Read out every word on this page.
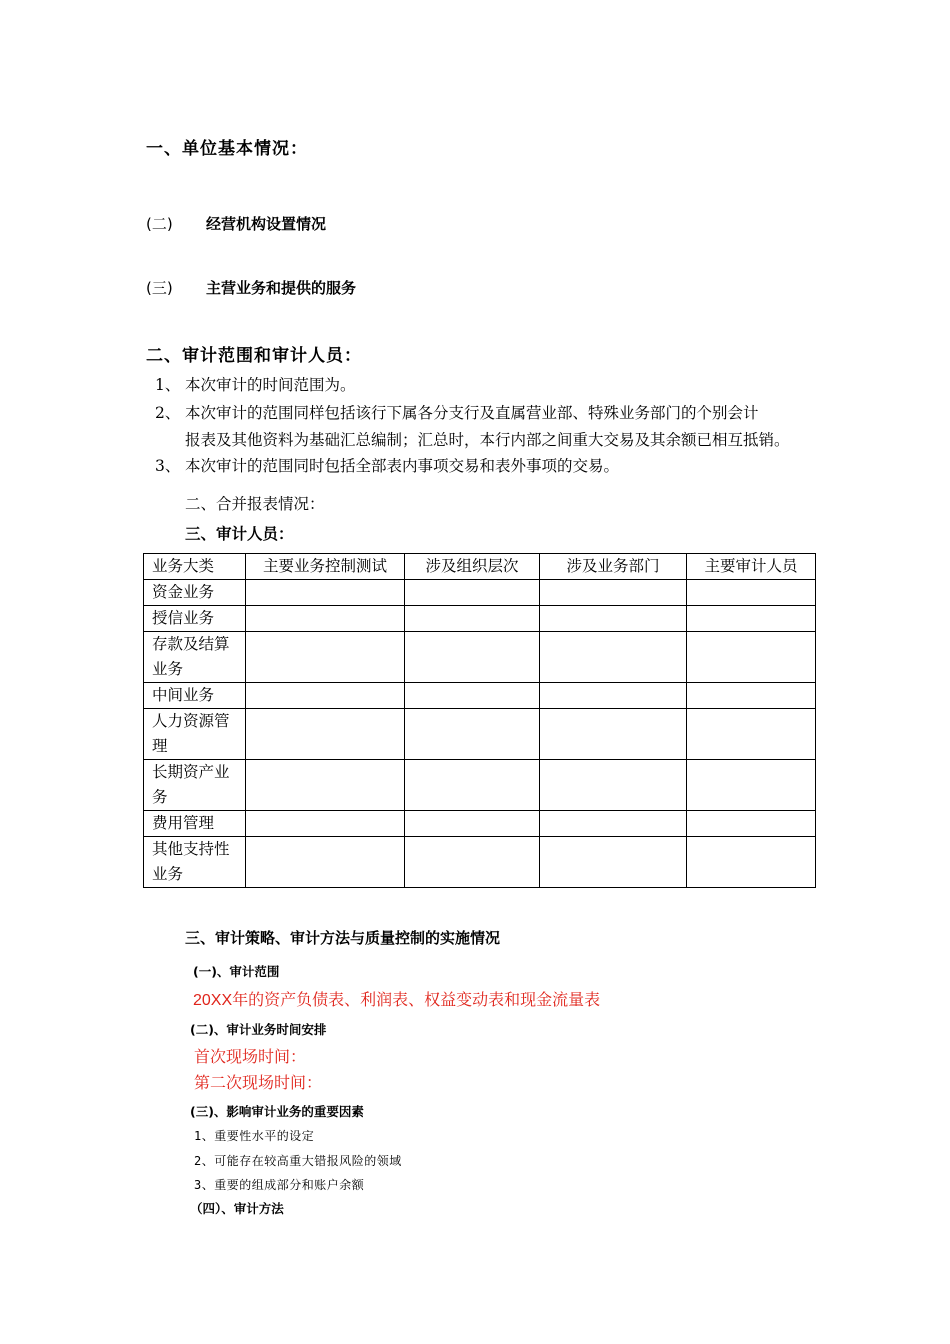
一、单位基本情况：
(二) 经营机构设置情况
(三) 主营业务和提供的服务
二、审计范围和审计人员：
1、 本次审计的时间范围为。
2、 本次审计的范围同样包括该行下属各分支行及直属营业部、特殊业务部门的个别会计
报表及其他资料为基础汇总编制；汇总时，本行内部之间重大交易及其余额已相互抵销。
3、 本次审计的范围同时包括全部表内事项交易和表外事项的交易。
二、合并报表情况：
三、审计人员：
业务大类	主要业务控制测试	涉及组织层次	涉及业务部门	主要审计人员
资金业务				
授信业务				
存款及结算业务				
中间业务				
人力资源管理				
长期资产业务				
费用管理				
其他支持性业务				
三、审计策略、审计方法与质量控制的实施情况
(一)、审计范围
20XX年的资产负债表、利润表、权益变动表和现金流量表
(二)、审计业务时间安排
首次现场时间：
第二次现场时间：
(三)、影响审计业务的重要因素
1、重要性水平的设定
2、可能存在较高重大错报风险的领域
3、重要的组成部分和账户余额
（四）、审计方法
